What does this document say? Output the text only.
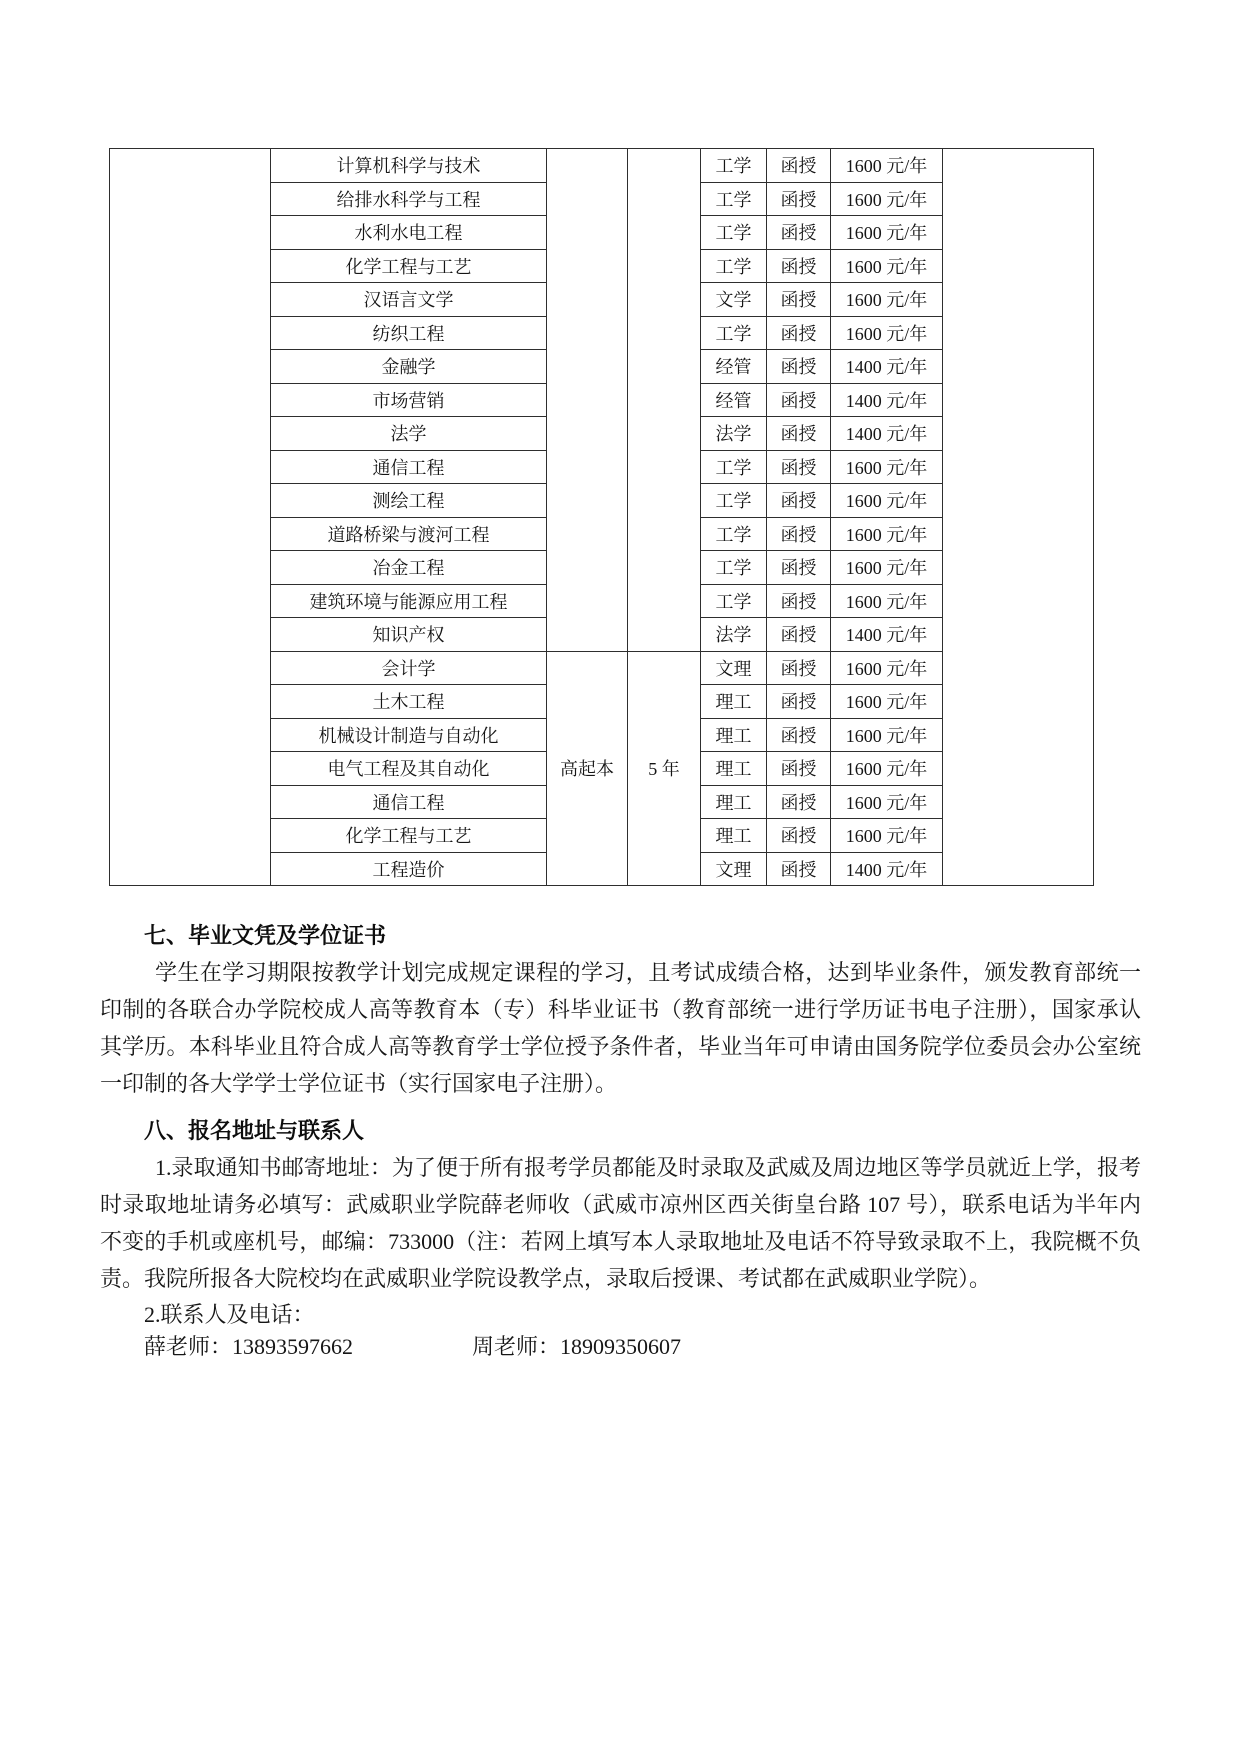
	计算机科学与技术			工学	函授	1600 元/年	
	给排水科学与工程			工学	函授	1600 元/年	
	水利水电工程			工学	函授	1600 元/年	
	化学工程与工艺			工学	函授	1600 元/年	
	汉语言文学			文学	函授	1600 元/年	
	纺织工程			工学	函授	1600 元/年	
	金融学			经管	函授	1400 元/年	
	市场营销			经管	函授	1400 元/年	
	法学			法学	函授	1400 元/年	
	通信工程			工学	函授	1600 元/年	
	测绘工程			工学	函授	1600 元/年	
	道路桥梁与渡河工程			工学	函授	1600 元/年	
	冶金工程			工学	函授	1600 元/年	
	建筑环境与能源应用工程			工学	函授	1600 元/年	
	知识产权			法学	函授	1400 元/年	
	会计学	高起本	5 年	文理	函授	1600 元/年	
	土木工程			理工	函授	1600 元/年	
	机械设计制造与自动化			理工	函授	1600 元/年	
	电气工程及其自动化			理工	函授	1600 元/年	
	通信工程			理工	函授	1600 元/年	
	化学工程与工艺			理工	函授	1600 元/年	
	工程造价			文理	函授	1400 元/年	
七、毕业文凭及学位证书

学生在学习期限按教学计划完成规定课程的学习，且考试成绩合格，达到毕业条件，颁发教育部统一印制的各联合办学院校成人高等教育本（专）科毕业证书（教育部统一进行学历证书电子注册），国家承认其学历。本科毕业且符合成人高等教育学士学位授予条件者，毕业当年可申请由国务院学位委员会办公室统一印制的各大学学士学位证书（实行国家电子注册）。

八、报名地址与联系人

1.录取通知书邮寄地址：为了便于所有报考学员都能及时录取及武威及周边地区等学员就近上学，报考时录取地址请务必填写：武威职业学院薛老师收（武威市凉州区西关街皇台路 107 号），联系电话为半年内不变的手机或座机号，邮编：733000（注：若网上填写本人录取地址及电话不符导致录取不上，我院概不负责。我院所报各大院校均在武威职业学院设教学点，录取后授课、考试都在武威职业学院）。

2.联系人及电话：
薛老师：13893597662	周老师：18909350607
